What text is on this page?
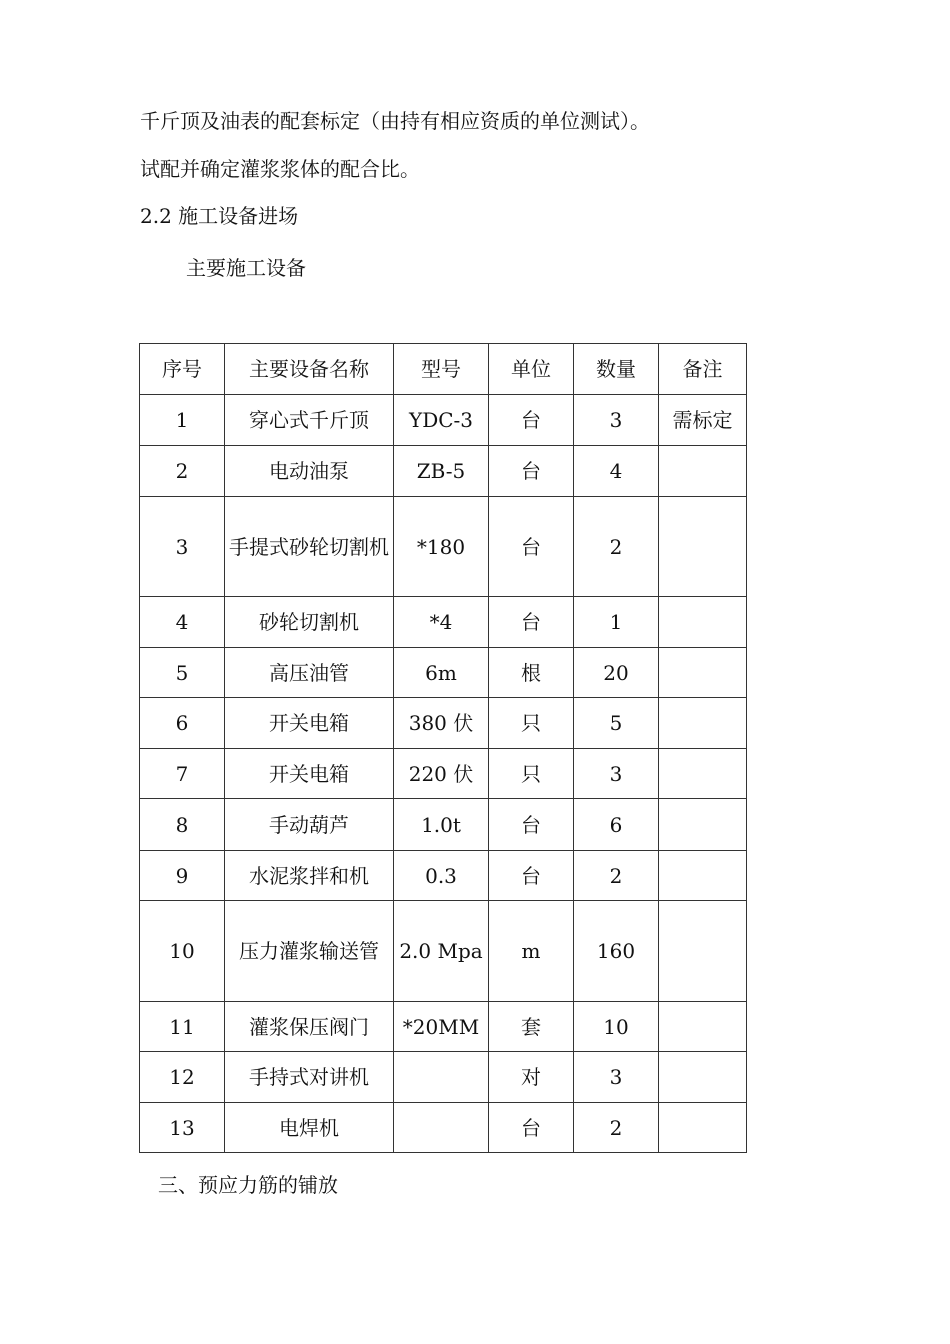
千斤顶及油表的配套标定（由持有相应资质的单位测试）。
试配并确定灌浆浆体的配合比。
2.2 施工设备进场
主要施工设备
序号	主要设备名称	型号	单位	数量	备注
1	穿心式千斤顶	YDC-3	台	3	需标定
2	电动油泵	ZB-5	台	4	
3	手提式砂轮切割机	*180	台	2	
4	砂轮切割机	*4	台	1	
5	高压油管	6m	根	20	
6	开关电箱	380 伏	只	5	
7	开关电箱	220 伏	只	3	
8	手动葫芦	1.0t	台	6	
9	水泥浆拌和机	0.3	台	2	
10	压力灌浆输送管	2.0 Mpa	m	160	
11	灌浆保压阀门	*20MM	套	10	
12	手持式对讲机		对	3	
13	电焊机		台	2	
三、预应力筋的铺放
